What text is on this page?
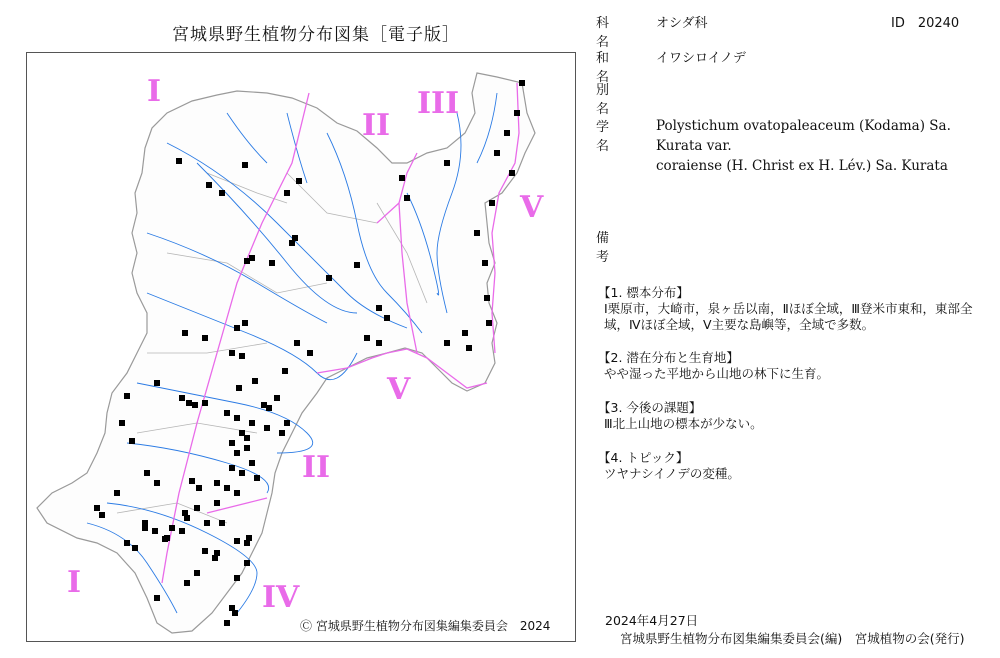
宮城県野生植物分布図集［電子版］
I
II
III
V
II
V
I	IV
Ⓒ 宮城県野生植物分布図集編集委員会　2024
科　名
オシダ科	ID　20240
和　名
イワシロイノデ
別　名
学　名
Polystichum ovatopaleaceum (Kodama) Sa. Kurata var.
coraiense (H. Christ ex H. Lév.) Sa. Kurata
備　考
【1. 標本分布】
Ⅰ栗原市，大崎市，泉ヶ岳以南，Ⅱほぼ全域，Ⅲ登米市東和，東部全域，Ⅳほぼ全域，Ⅴ主要な島嶼等，全域で多数。
【2. 潜在分布と生育地】
やや湿った平地から山地の林下に生育。
【3. 今後の課題】
Ⅲ北上山地の標本が少ない。
【4. トピック】
ツヤナシイノデの変種。
2024年4月27日
宮城県野生植物分布図集編集委員会(編)　宮城植物の会(発行)
